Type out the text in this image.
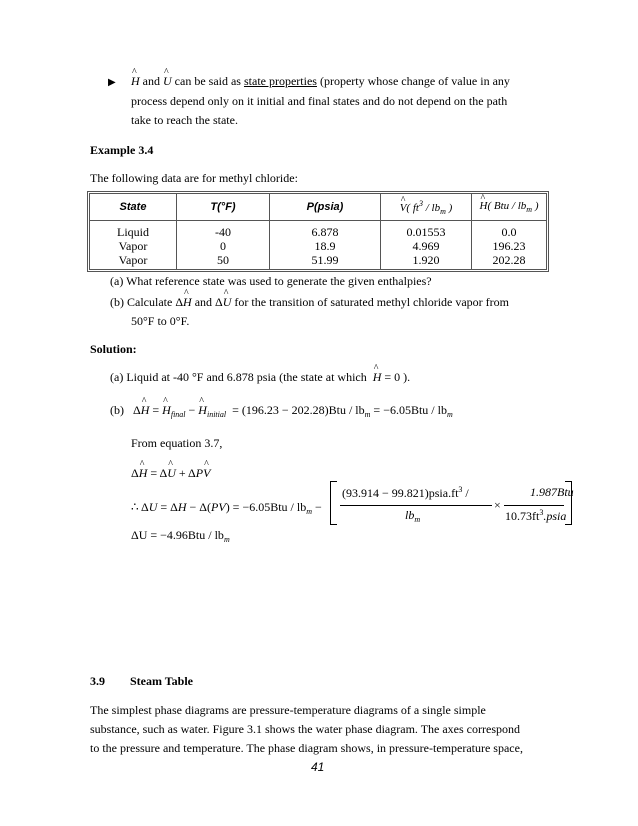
▶ ^ H and ^ U can be said as state properties (property whose change of value in any
process depend only on it initial and final states and do not depend on the path
take to reach the state.
Example 3.4
The following data are for methyl chloride:
State	T(°F)	P(psia)	^ V( $ft^3 / lb_m$ )	^ H( Btu / $lb_m$ )
Liquid	-40	6.878	0.01553	0.0
Vapor	0	18.9	4.969	196.23
Vapor	50	51.99	1.920	202.28
(a) What reference state was used to generate the given enthalpies?
(b) Calculate Δ^ H and Δ^ U for the transition of saturated methyl chloride vapor from
50°F to 0°F.
Solution:
(a) Liquid at -40 °F and 6.878 psia (the state at which ^ H = 0 ).
(b)   Δ^ H = ^ $H_{final}$ − ^ $H_{initial} = (196.23 - 202.28)Btu / lb_m = -6.05Btu / lb_m$
From equation 3.7,
Δ^ H = Δ^ U + ΔP^ V
∴ $\Delta U = \Delta H - \Delta(PV) = -6.05Btu / lb_m$ −
$(93.914 - 99.821)psia.ft^3$ /
$lb_m$
×
1.987Btu
$10.73ft^3.psia$
$\Delta U = -4.96Btu / lb_m$
3.9 Steam Table
The simplest phase diagrams are pressure-temperature diagrams of a single simple
substance, such as water. Figure 3.1 shows the water phase diagram. The axes correspond
to the pressure and temperature. The phase diagram shows, in pressure-temperature space,
41
